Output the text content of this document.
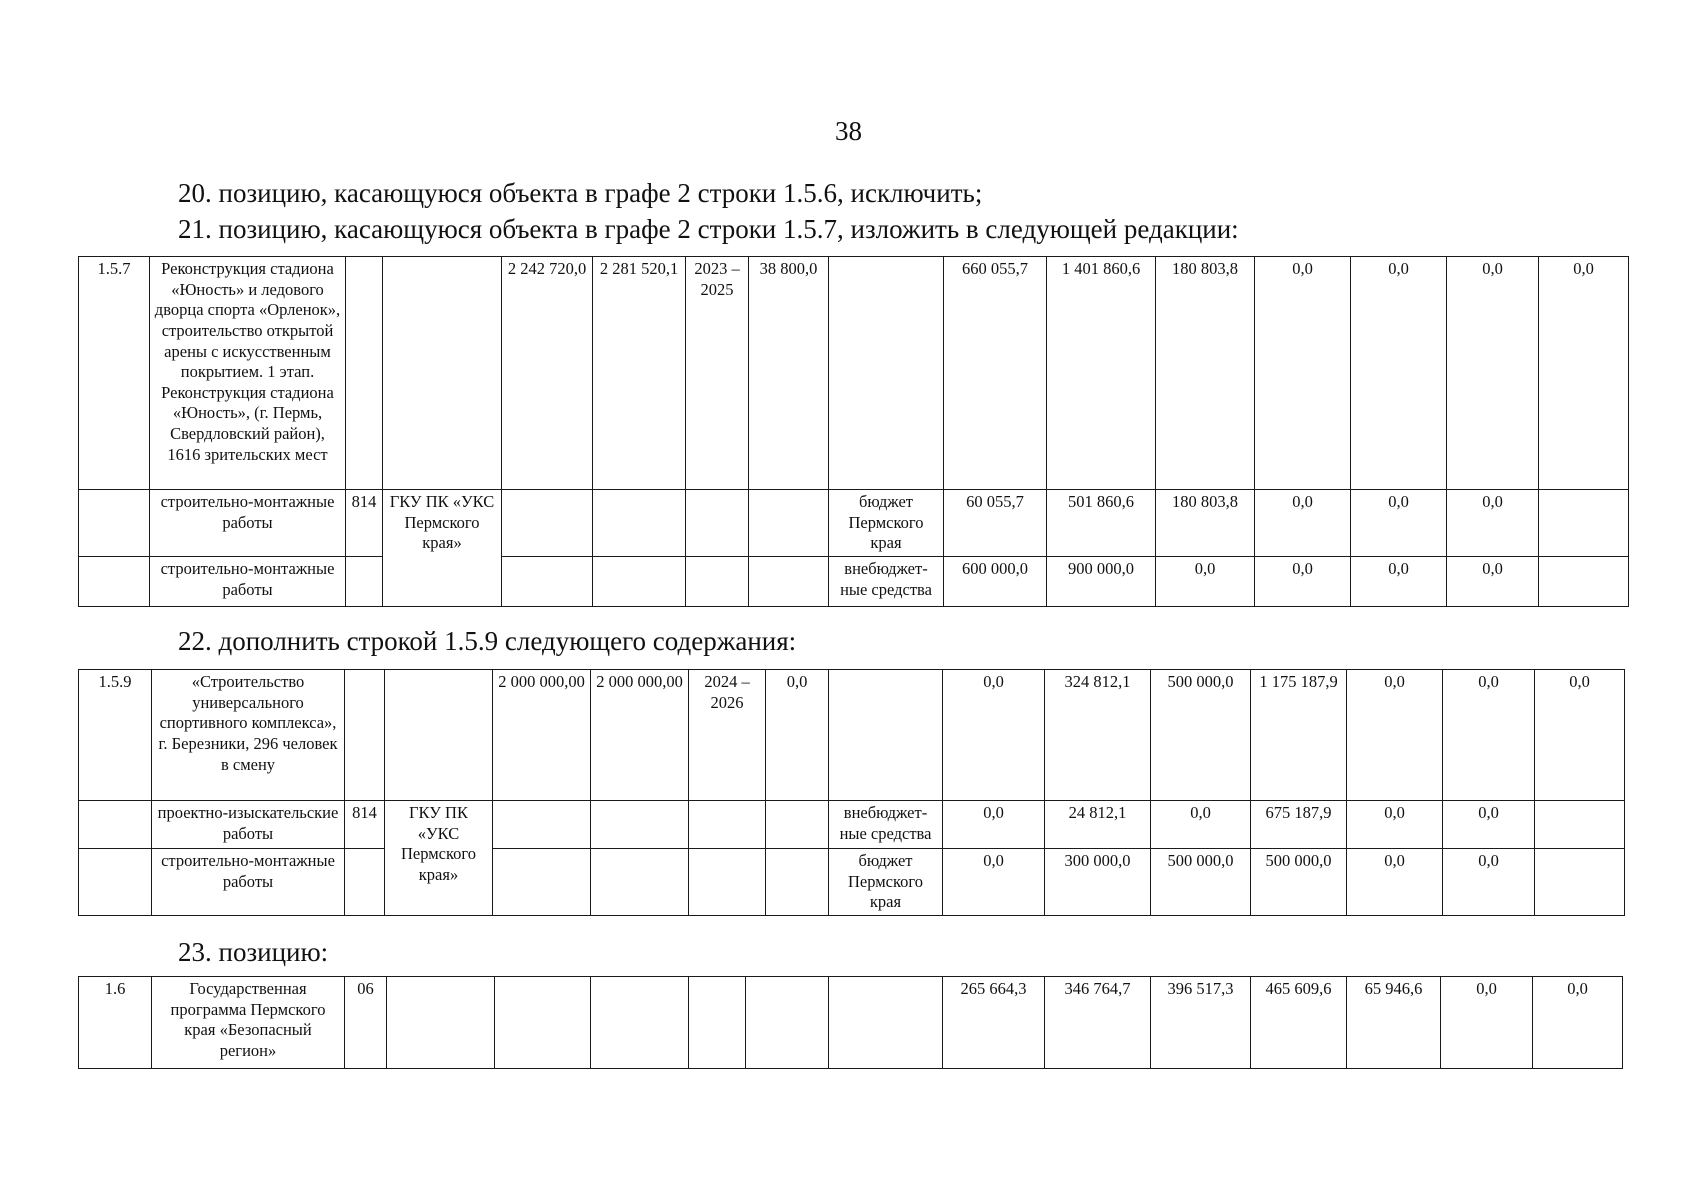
38
20. позицию, касающуюся объекта в графе 2 строки 1.5.6, исключить;
21. позицию, касающуюся объекта в графе 2 строки 1.5.7, изложить в следующей редакции:
1.5.7	Реконструкция стадиона «Юность» и ледового дворца спорта «Орленок», строительство открытой арены с искусственным покрытием. 1 этап. Реконструкция стадиона «Юность», (г. Пермь, Свердловский район), 1616 зрительских мест			2 242 720,0	2 281 520,1	2023 – 2025	38 800,0		660 055,7	1 401 860,6	180 803,8	0,0	0,0	0,0	0,0
	строительно-монтажные работы	814	ГКУ ПК «УКС Пермского края»					бюджет Пермского края	60 055,7	501 860,6	180 803,8	0,0	0,0	0,0	
	строительно-монтажные работы							внебюджет-ные средства	600 000,0	900 000,0	0,0	0,0	0,0	0,0	
22. дополнить строкой 1.5.9 следующего содержания:
1.5.9	«Строительство универсального спортивного комплекса», г. Березники, 296 человек в смену			2 000 000,00	2 000 000,00	2024 – 2026	0,0		0,0	324 812,1	500 000,0	1 175 187,9	0,0	0,0	0,0
	проектно-изыскательские работы	814	ГКУ ПК «УКС Пермского края»					внебюджет-ные средства	0,0	24 812,1	0,0	675 187,9	0,0	0,0	
	строительно-монтажные работы							бюджет Пермского края	0,0	300 000,0	500 000,0	500 000,0	0,0	0,0	
23. позицию:
1.6	Государственная программа Пермского края «Безопасный регион»	06							265 664,3	346 764,7	396 517,3	465 609,6	65 946,6	0,0	0,0
